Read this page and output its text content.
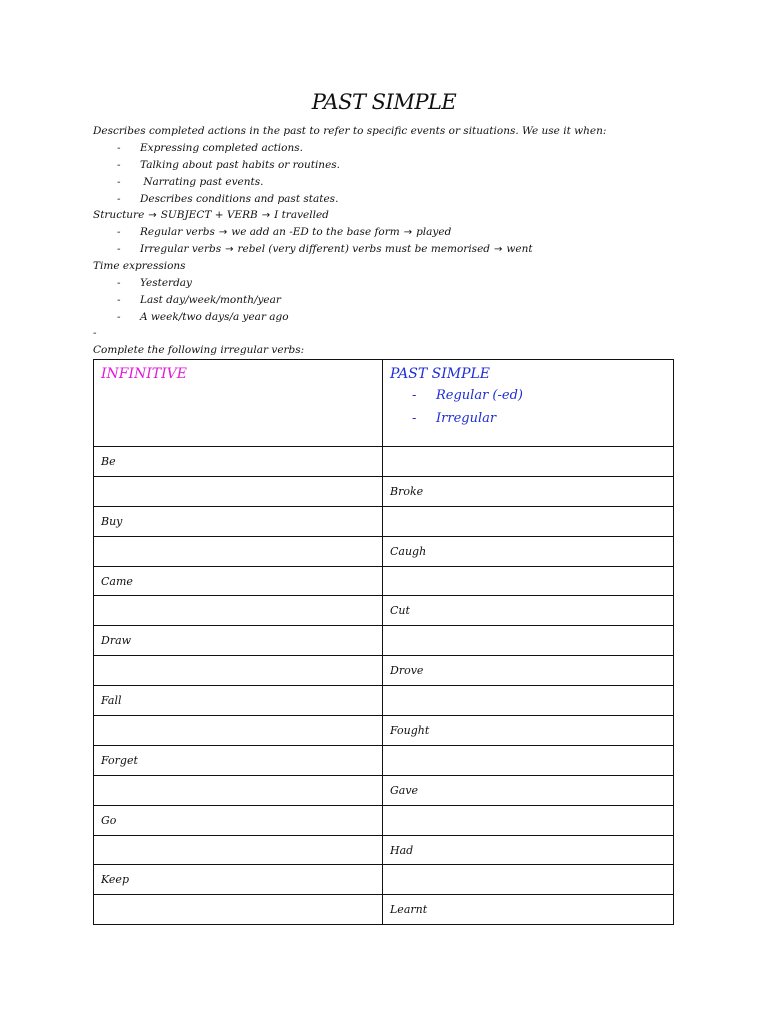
PAST SIMPLE
Describes completed actions in the past to refer to specific events or situations. We use it when:
- Expressing completed actions.
- Talking about past habits or routines.
- Narrating past events.
- Describes conditions and past states.
Structure → SUBJECT + VERB → I travelled
- Regular verbs → we add an -ED to the base form → played
- Irregular verbs → rebel (very different) verbs must be memorised → went
Time expressions
- Yesterday
- Last day/week/month/year
- A week/two days/a year ago
-
Complete the following irregular verbs:
INFINITIVE	PAST SIMPLE
- Regular (-ed)
- Irregular

Be	
	Broke
Buy	
	Caugh
Came	
	Cut
Draw	
	Drove
Fall	
	Fought
Forget	
	Gave
Go	
	Had
Keep	
	Learnt
